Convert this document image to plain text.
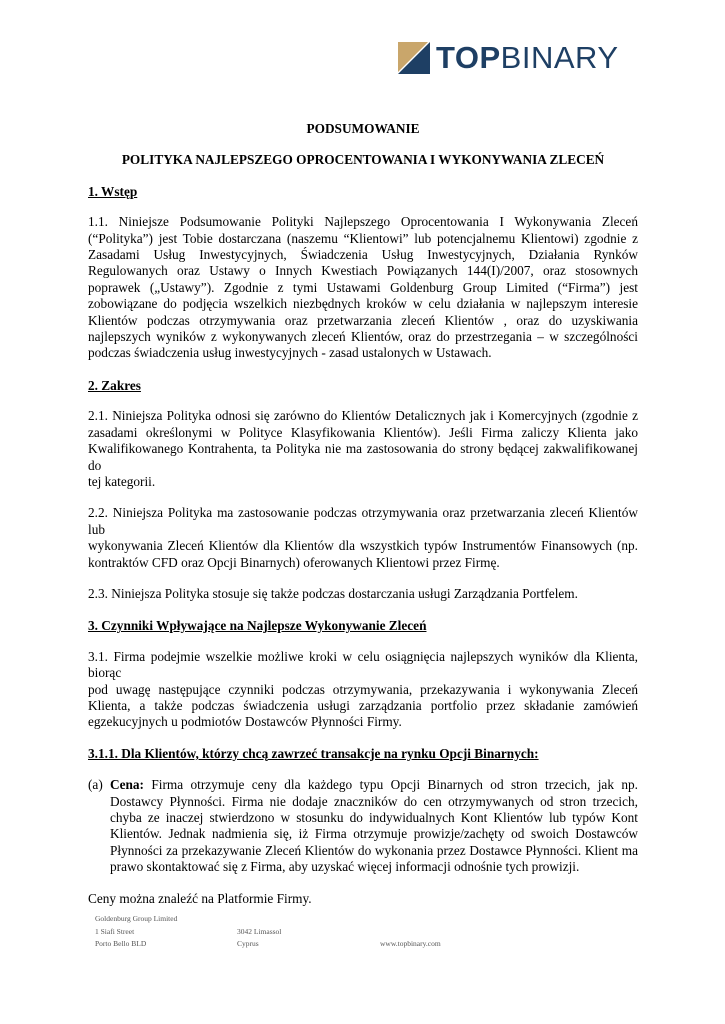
TOPBINARY

PODSUMOWANIE

POLITYKA NAJLEPSZEGO OPROCENTOWANIA I WYKONYWANIA ZLECEŃ

1. Wstęp

1.1. Niniejsze Podsumowanie Polityki Najlepszego Oprocentowania I Wykonywania Zleceń (“Polityka”) jest Tobie dostarczana (naszemu “Klientowi” lub potencjalnemu Klientowi) zgodnie z Zasadami Usług Inwestycyjnych, Świadczenia Usług Inwestycyjnych, Działania Rynków Regulowanych oraz Ustawy o Innych Kwestiach Powiązanych 144(I)/2007, oraz stosownych poprawek („Ustawy”). Zgodnie z tymi Ustawami Goldenburg Group Limited (“Firma”) jest zobowiązane do podjęcia wszelkich niezbędnych kroków w celu działania w najlepszym interesie Klientów podczas otrzymywania oraz przetwarzania zleceń Klientów , oraz do uzyskiwania najlepszych wyników z wykonywanych zleceń Klientów, oraz do przestrzegania – w szczególności podczas świadczenia usług inwestycyjnych - zasad ustalonych w Ustawach.

2. Zakres

2.1. Niniejsza Polityka odnosi się zarówno do Klientów Detalicznych jak i Komercyjnych (zgodnie z zasadami określonymi w Polityce Klasyfikowania Klientów). Jeśli Firma zaliczy Klienta jako Kwalifikowanego Kontrahenta, ta Polityka nie ma zastosowania do strony będącej zakwalifikowanej do

tej kategorii.

2.2. Niniejsza Polityka ma zastosowanie podczas otrzymywania oraz przetwarzania zleceń Klientów lub

wykonywania Zleceń Klientów dla Klientów dla wszystkich typów Instrumentów Finansowych (np. kontraktów CFD oraz Opcji Binarnych) oferowanych Klientowi przez Firmę.

2.3. Niniejsza Polityka stosuje się także podczas dostarczania usługi Zarządzania Portfelem.

3. Czynniki Wpływające na Najlepsze Wykonywanie Zleceń

3.1. Firma podejmie wszelkie możliwe kroki w celu osiągnięcia najlepszych wyników dla Klienta, biorąc

pod uwagę następujące czynniki podczas otrzymywania, przekazywania i wykonywania Zleceń Klienta, a także podczas świadczenia usługi zarządzania portfolio przez składanie zamówień egzekucyjnych u podmiotów Dostawców Płynności Firmy.

3.1.1. Dla Klientów, którzy chcą zawrzeć transakcje na rynku Opcji Binarnych:

(a) Cena: Firma otrzymuje ceny dla każdego typu Opcji Binarnych od stron trzecich, jak np. Dostawcy Płynności. Firma nie dodaje znaczników do cen otrzymywanych od stron trzecich, chyba ze inaczej stwierdzono w stosunku do indywidualnych Kont Klientów lub typów Kont Klientów. Jednak nadmienia się, iż Firma otrzymuje prowizje/zachęty od swoich Dostawców Płynności za przekazywanie Zleceń Klientów do wykonania przez Dostawce Płynności. Klient ma prawo skontaktować się z Firma, aby uzyskać więcej informacji odnośnie tych prowizji.

Ceny można znaleźć na Platformie Firmy.

Goldenburg Group Limited
1 Siafi Street
Porto Bello BLD
3042 Limassol
Cyprus	www.topbinary.com
